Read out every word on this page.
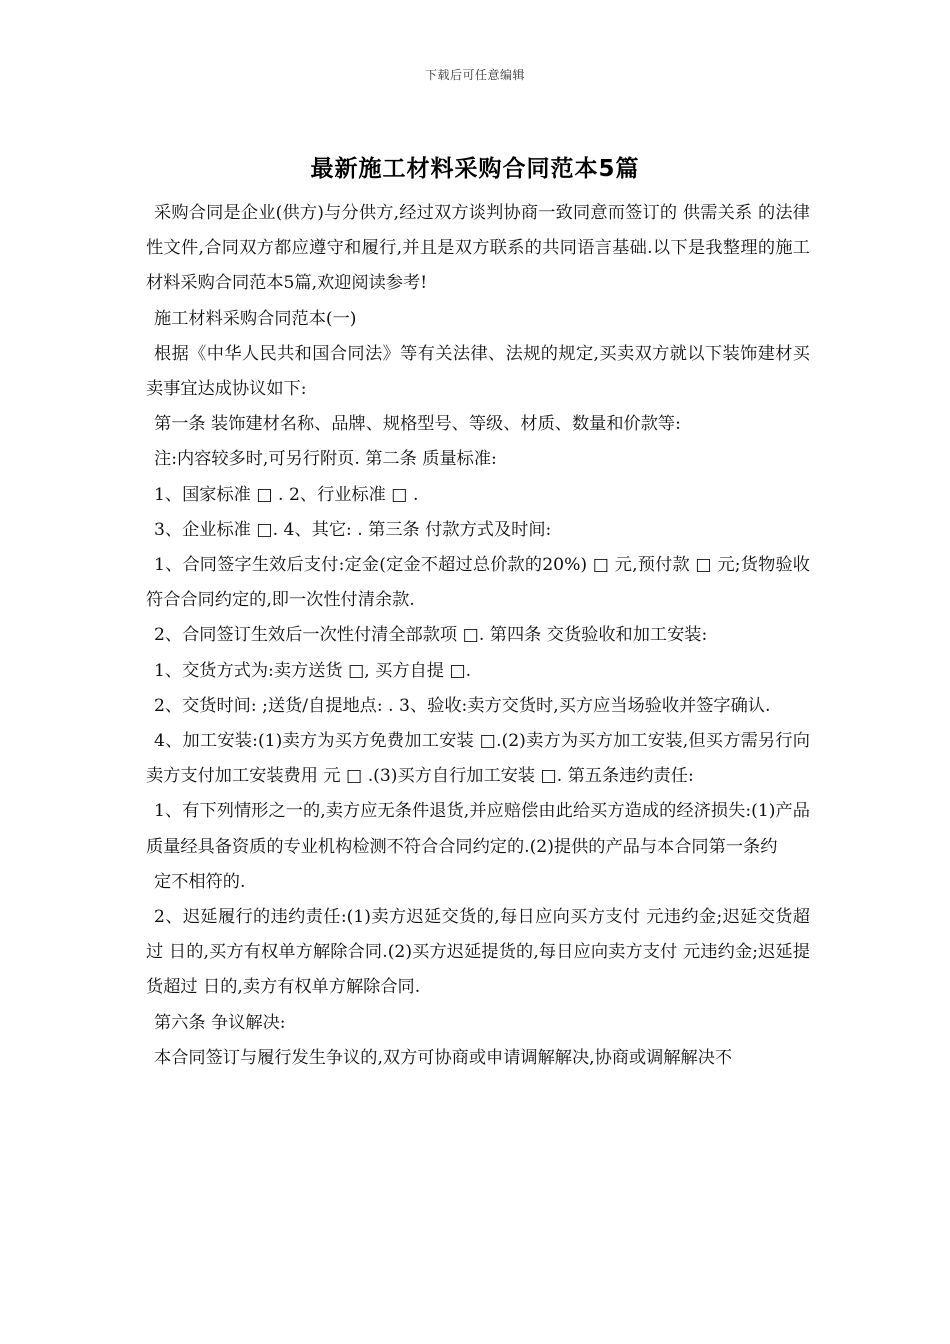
下载后可任意编辑
最新施工材料采购合同范本5篇

采购合同是企业(供方)与分供方,经过双方谈判协商一致同意而签订的 供需关系 的法律性文件,合同双方都应遵守和履行,并且是双方联系的共同语言基础.以下是我整理的施工材料采购合同范本5篇,欢迎阅读参考!

施工材料采购合同范本(一)

根据《中华人民共和国合同法》等有关法律、法规的规定,买卖双方就以下装饰建材买卖事宜达成协议如下:

第一条 装饰建材名称、品牌、规格型号、等级、材质、数量和价款等:

注:内容较多时,可另行附页. 第二条 质量标准:

1、国家标准 □ . 2、行业标准 □ .

3、企业标准 □. 4、其它: . 第三条 付款方式及时间:

1、合同签字生效后支付:定金(定金不超过总价款的20%) □ 元,预付款 □ 元;货物验收符合合同约定的,即一次性付清余款.

2、合同签订生效后一次性付清全部款项 □. 第四条 交货验收和加工安装:

1、交货方式为:卖方送货 □, 买方自提 □.

2、交货时间: ;送货/自提地点: . 3、验收:卖方交货时,买方应当场验收并签字确认.

4、加工安装:(1)卖方为买方免费加工安装 □.(2)卖方为买方加工安装,但买方需另行向卖方支付加工安装费用 元 □ .(3)买方自行加工安装 □. 第五条违约责任:

1、有下列情形之一的,卖方应无条件退货,并应赔偿由此给买方造成的经济损失:(1)产品质量经具备资质的专业机构检测不符合合同约定的.(2)提供的产品与本合同第一条约

定不相符的.

2、迟延履行的违约责任:(1)卖方迟延交货的,每日应向买方支付 元违约金;迟延交货超过 日的,买方有权单方解除合同.(2)买方迟延提货的,每日应向卖方支付 元违约金;迟延提货超过 日的,卖方有权单方解除合同.

第六条 争议解决:

本合同签订与履行发生争议的,双方可协商或申请调解解决,协商或调解解决不
